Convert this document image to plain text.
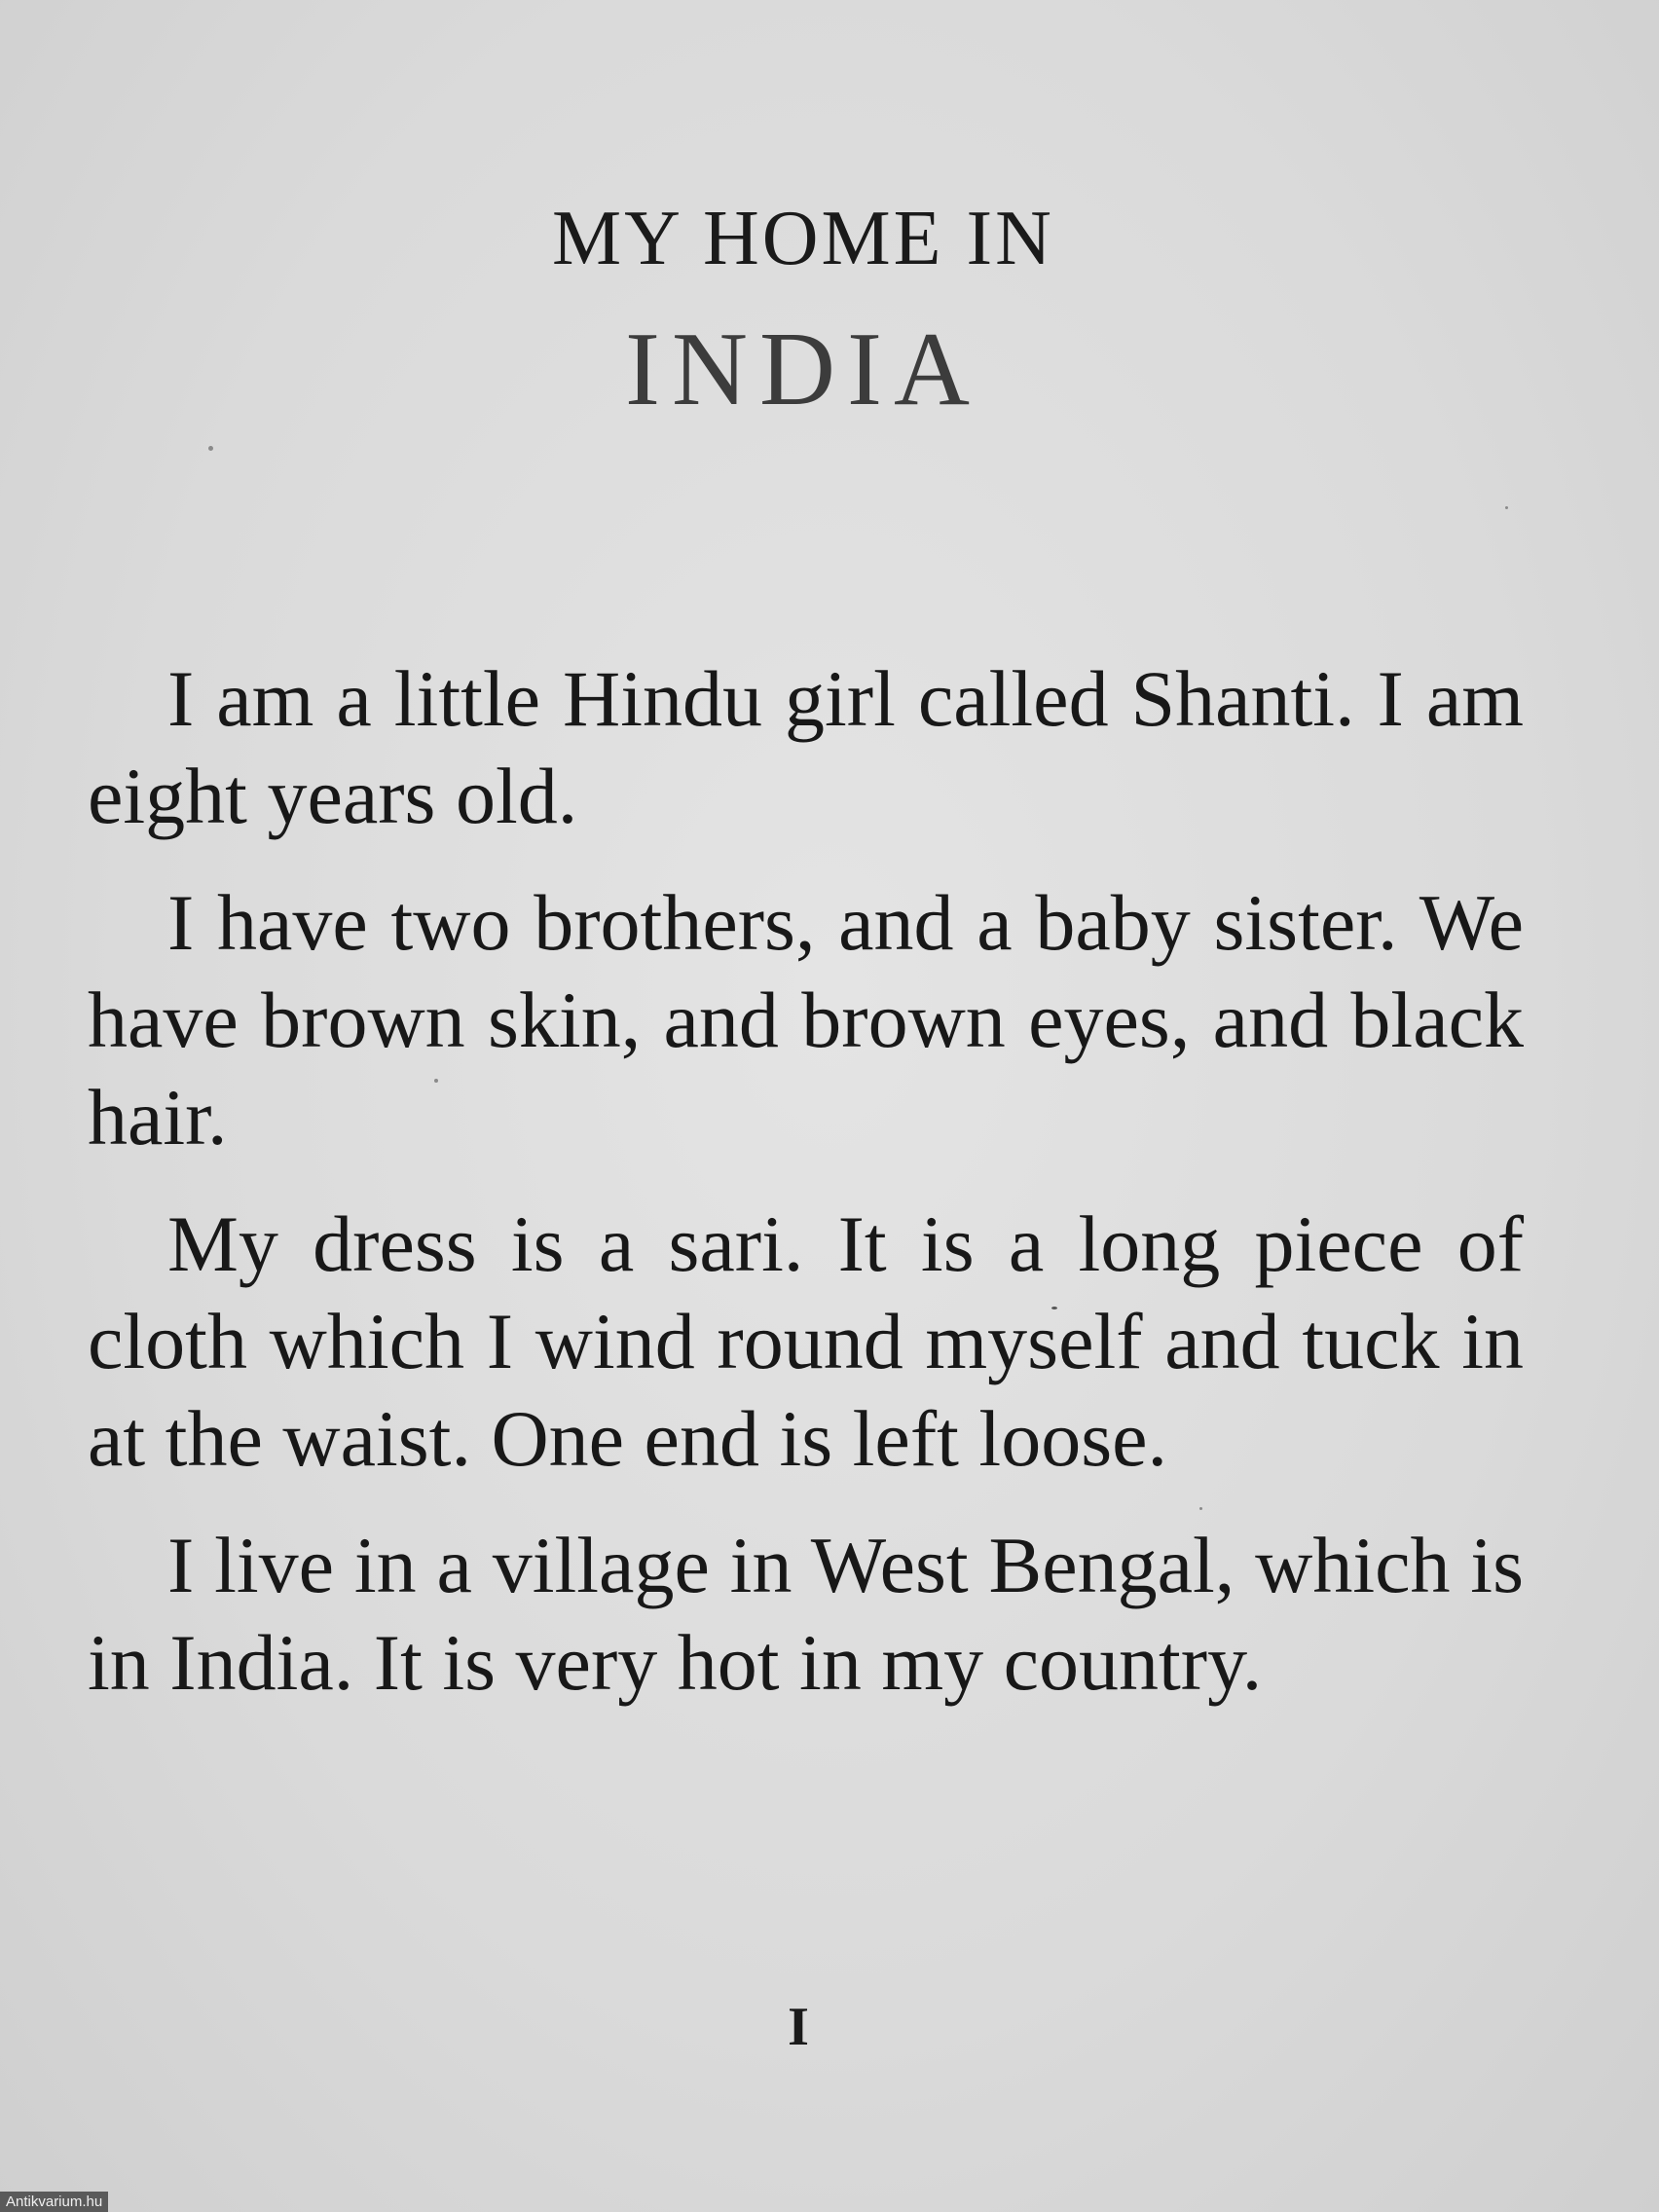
MY HOME IN
INDIA

I am a little Hindu girl called Shanti. I am eight years old.

I have two brothers, and a baby sister. We have brown skin, and brown eyes, and black hair.

My dress is a sari. It is a long piece of cloth which I wind round myself and tuck in at the waist. One end is left loose.

I live in a village in West Bengal, which is in India. It is very hot in my country.

I
Antikvarium.hu
